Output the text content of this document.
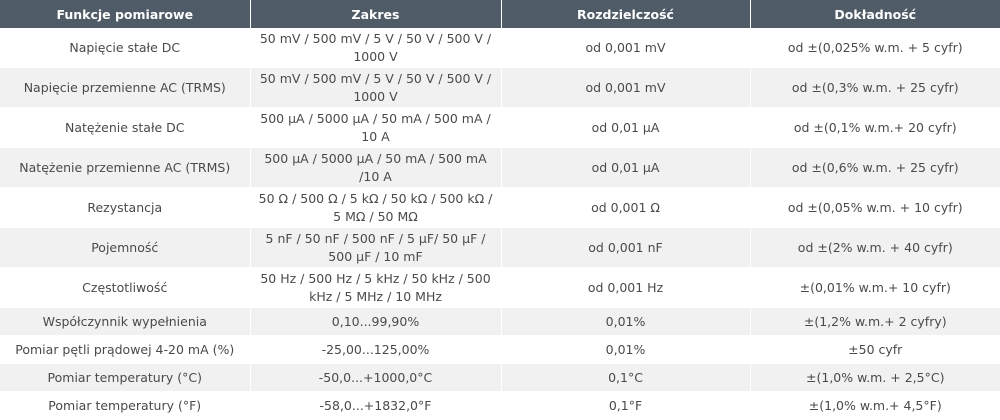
Funkcje pomiarowe	Zakres	Rozdzielczość	Dokładność
Napięcie stałe DC	50 mV / 500 mV / 5 V / 50 V / 500 V / 1000 V	od 0,001 mV	od ±(0,025% w.m. + 5 cyfr)
Napięcie przemienne AC (TRMS)	50 mV / 500 mV / 5 V / 50 V / 500 V / 1000 V	od 0,001 mV	od ±(0,3% w.m. + 25 cyfr)
Natężenie stałe DC	500 µA / 5000 µA / 50 mA / 500 mA / 10 A	od 0,01 µA	od ±(0,1% w.m.+ 20 cyfr)
Natężenie przemienne AC (TRMS)	500 µA / 5000 µA / 50 mA / 500 mA /10 A	od 0,01 µA	od ±(0,6% w.m. + 25 cyfr)
Rezystancja	50 Ω / 500 Ω / 5 kΩ / 50 kΩ / 500 kΩ / 5 MΩ / 50 MΩ	od 0,001 Ω	od ±(0,05% w.m. + 10 cyfr)
Pojemność	5 nF / 50 nF / 500 nF / 5 µF/ 50 µF / 500 µF / 10 mF	od 0,001 nF	od ±(2% w.m. + 40 cyfr)
Częstotliwość	50 Hz / 500 Hz / 5 kHz / 50 kHz / 500 kHz / 5 MHz / 10 MHz	od 0,001 Hz	±(0,01% w.m.+ 10 cyfr)
Współczynnik wypełnienia	0,10...99,90%	0,01%	±(1,2% w.m.+ 2 cyfry)
Pomiar pętli prądowej 4-20 mA (%)	-25,00...125,00%	0,01%	±50 cyfr
Pomiar temperatury (°C)	-50,0...+1000,0°C	0,1°C	±(1,0% w.m. + 2,5°C)
Pomiar temperatury (°F)	-58,0...+1832,0°F	0,1°F	±(1,0% w.m.+ 4,5°F)
